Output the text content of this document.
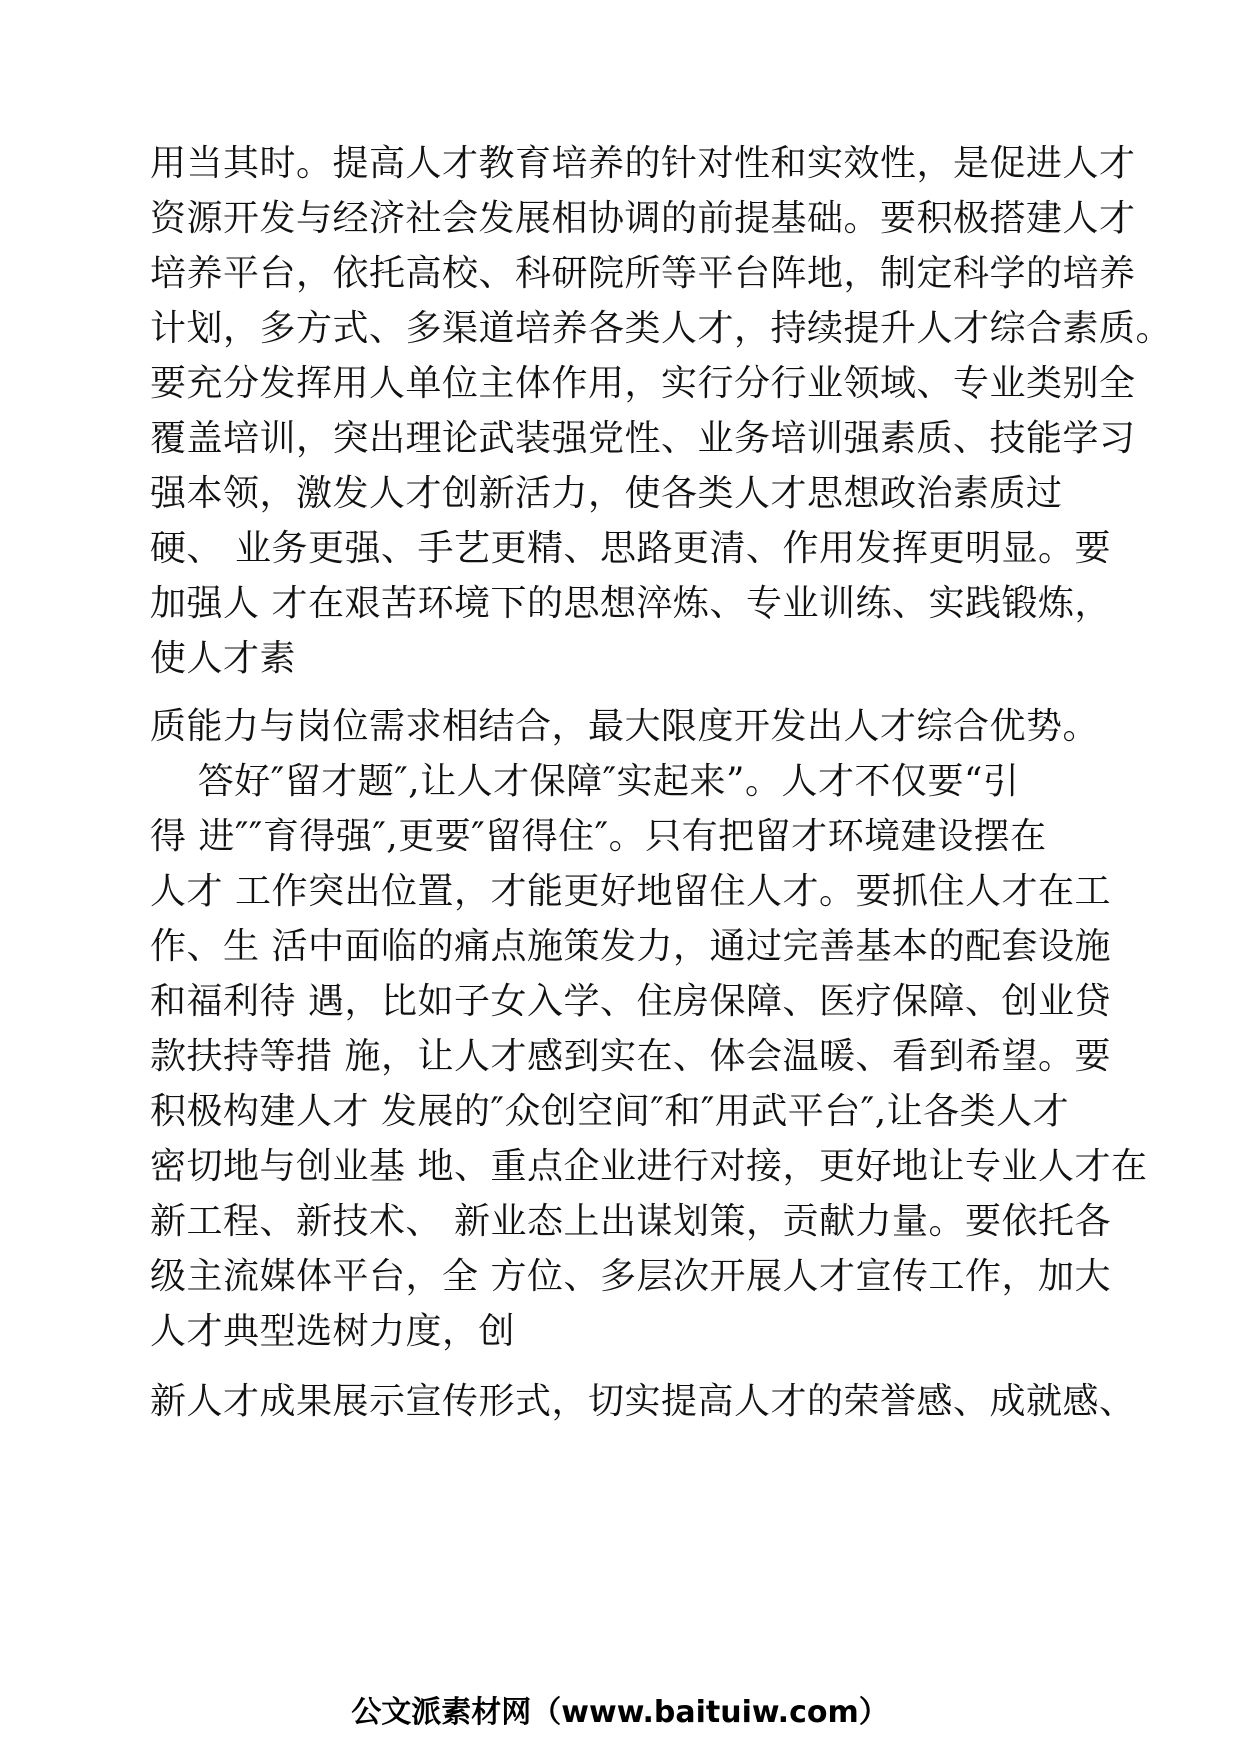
用当其时。提高人才教育培养的针对性和实效性，是促进人才
资源开发与经济社会发展相协调的前提基础。要积极搭建人才
培养平台，依托高校、科研院所等平台阵地，制定科学的培养
计划，多方式、多渠道培养各类人才，持续提升人才综合素质。
要充分发挥用人单位主体作用，实行分行业领域、专业类别全
覆盖培训，突出理论武装强党性、业务培训强素质、技能学习
强本领，激发人才创新活力，使各类人才思想政治素质过
硬、 业务更强、手艺更精、思路更清、作用发挥更明显。要
加强人 才在艰苦环境下的思想淬炼、专业训练、实践锻炼，
使人才素
质能力与岗位需求相结合，最大限度开发出人才综合优势。
答好″留才题″,让人才保障″实起来”。人才不仅要“引
得 进″″育得强″,更要″留得住″。只有把留才环境建设摆在
人才 工作突出位置，才能更好地留住人才。要抓住人才在工
作、生 活中面临的痛点施策发力，通过完善基本的配套设施
和福利待 遇，比如子女入学、住房保障、医疗保障、创业贷
款扶持等措 施，让人才感到实在、体会温暖、看到希望。要
积极构建人才 发展的″众创空间″和″用武平台″,让各类人才
密切地与创业基 地、重点企业进行对接，更好地让专业人才在
新工程、新技术、 新业态上出谋划策，贡献力量。要依托各
级主流媒体平台，全 方位、多层次开展人才宣传工作，加大
人才典型选树力度，创
新人才成果展示宣传形式，切实提高人才的荣誉感、成就感、
公文派素材网（www.baituiw.com）
